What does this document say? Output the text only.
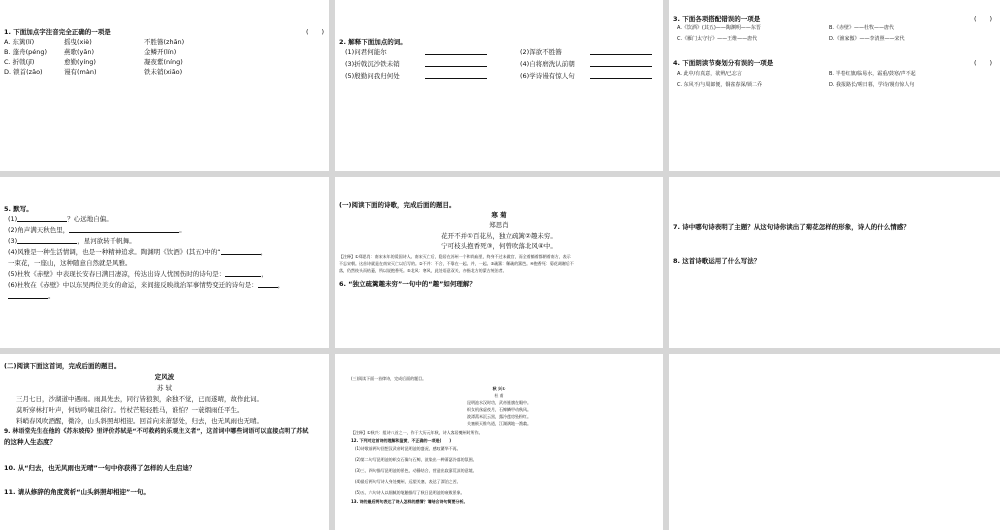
1. 下面加点字注音完全正确的一项是	(　　)
A. 东篱(lí)	摇曳(xiè)	不胜簪(zhān)
B. 蓬舟(péng)	燕歌(yān)	金鳞开(lín)
C. 折戟(jǐ)	愈勤(yíng)	凝夜紫(níng)
D. 锁首(zāo)	谩有(màn)	铁未销(xiāo)
2. 解释下面加点的词。
(1)问君何能尔	(2)浑欲不胜簪
(3)折戟沉沙铁未销	(4)自将磨洗认前朝
(5)殷勤问我归何处	(6)学诗谩有惊人句
3. 下面各项搭配错误的一项是	(　　)
A.《饮酒》(其五)——陶渊明——东晋	B.《赤壁》——杜牧——唐代
C.《雁门太守行》——王维——唐代	D.《渔家傲》——李清照——宋代
4. 下面朗读节奏划分有误的一项是	(　　)
A. 此中/有真意，欲辨/已忘言	B. 半卷红旗/临易水，霜重/鼓寒/声不起
C. 东风不/与周郎便，铜雀春深/锁二乔	D. 我报路长/嗟日暮，学诗/谩有惊人句
5. 默写。
(1)	？心远地自偏。
(2)角声满天秋色里，	。
(3)	，星河欲转千帆舞。
(4)风雅是一种生活情调，也是一种精神追求。陶渊明《饮酒》(其五)中的“	，
一束花，一座山，这种随意自然就是风雅。
(5)杜牧《赤壁》中表现长安春日满目凄凉，传达出诗人忧国伤时的诗句是：	，
(6)杜牧在《赤壁》中以东吴两位美女的命运，来间接反映战治军事情势变迁的诗句是：	，
。
(一)阅读下面的诗歌，完成后面的题目。
寒 菊
郑思肖
花开不并①百花丛，独立疏篱②趣未穷。
宁可枝头抱香死③，何曾吹落北风④中。
【注释】①郑思肖：南宋末年的爱国诗人。南宋灭亡后，隐居在苏州一个和尚庙里，终身不过未做官，而全着躺着都朝着南方，表示
不忘宋朝。这首诗就是在南宋灭亡以后写的。②不并：不合，不靠在一起。并，一起。③疏篱：稀疏的篱笆。④抱香死：菊花凋谢后不
落，仍然枝头而枯萎，所以说抱香死。⑤北风：寒风，此处语意双关，亦指北方的蒙古统治者。
6. “独立疏篱趣未穷”一句中的“趣”如何理解？
7. 诗中哪句诗表明了主题？从这句诗你读出了菊花怎样的形象，诗人的什么情感？
8. 这首诗歌运用了什么写法？
(二)阅读下面这首词，完成后面的题目。
定风波
苏 轼
三月七日，沙湖道中遇雨。雨具先去，同行皆狼狈，余独不觉，已而遂晴，故作此词。
莫听穿林打叶声，何妨吟啸且徐行。竹杖芒鞋轻胜马，谁怕？一蓑烟雨任平生。
料峭春风吹酒醒，微冷，山头斜照却相迎。回首向来萧瑟处，归去，也无风雨也无晴。
9. 林语堂先生在他的《苏东坡传》里评价苏轼是“不可救药的乐观主义者”，这首词中哪些词语可以直接点明了苏轼
的这种人生态度？
10. 从“归去，也无风雨也无晴”一句中你获得了怎样的人生启迪？
11. 请从修辞的角度赏析“山头斜照却相迎”一句。
(三)阅读下面一首律诗，完成后面的题目。
秋 兴①
杜 甫
昆明池水汉时功，武帝旌旗在眼中。
织女机丝虚夜月，石鲸鳞甲动秋风。
波漂菰米沉云黑，露冷莲房坠粉红。
关塞极天惟鸟道，江湖满地一渔翁。
【注释】①秋兴：组诗八首之一，作于大历元年秋，诗人客居夔州时所作。
12. 下列对这首诗的理解和鉴赏，不正确的一项是(　　)
(1)诗歌前两句回想汉武帝时昆明池的盛况，感叹繁华不再。
(2)第二句写昆明池的织女石像与石鲸，渲染出一种萧瑟冷落的氛围。
(3)三、四句描写昆明池的景色，动静结合，营造出寂寥荒凉的意境。
(4)最后两句写诗人身处夔州，远望关塞，表达了漂泊之苦。
(5)五、六句诗人以细腻的笔触描写了秋日昆明池的衰败景象。
13. 诗的最后两句表达了诗人怎样的感情？请结合诗句简要分析。
